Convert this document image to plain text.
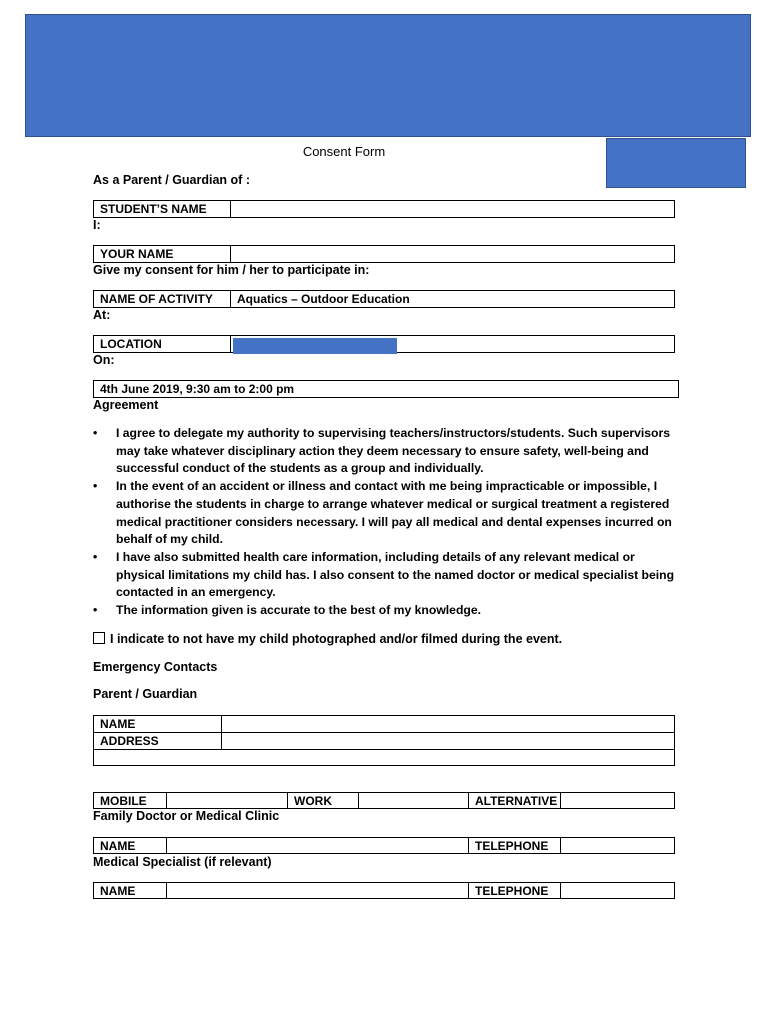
Consent Form
As a Parent / Guardian of :
STUDENT’S NAME
I:
YOUR NAME
Give my consent for him / her to participate in:
NAME OF ACTIVITY	Aquatics – Outdoor Education
At:
LOCATION
On:
4th June 2019, 9:30 am to 2:00 pm
Agreement
• I agree to delegate my authority to supervising teachers/instructors/students. Such supervisors may take whatever disciplinary action they deem necessary to ensure safety, well-being and successful conduct of the students as a group and individually.
• In the event of an accident or illness and contact with me being impracticable or impossible, I authorise the students in charge to arrange whatever medical or surgical treatment a registered medical practitioner considers necessary. I will pay all medical and dental expenses incurred on behalf of my child.
• I have also submitted health care information, including details of any relevant medical or physical limitations my child has. I also consent to the named doctor or medical specialist being contacted in an emergency.
• The information given is accurate to the best of my knowledge.
I indicate to not have my child photographed and/or filmed during the event.
Emergency Contacts
Parent / Guardian
NAME
ADDRESS
MOBILE	WORK	ALTERNATIVE
Family Doctor or Medical Clinic
NAME	TELEPHONE
Medical Specialist (if relevant)
NAME	TELEPHONE
